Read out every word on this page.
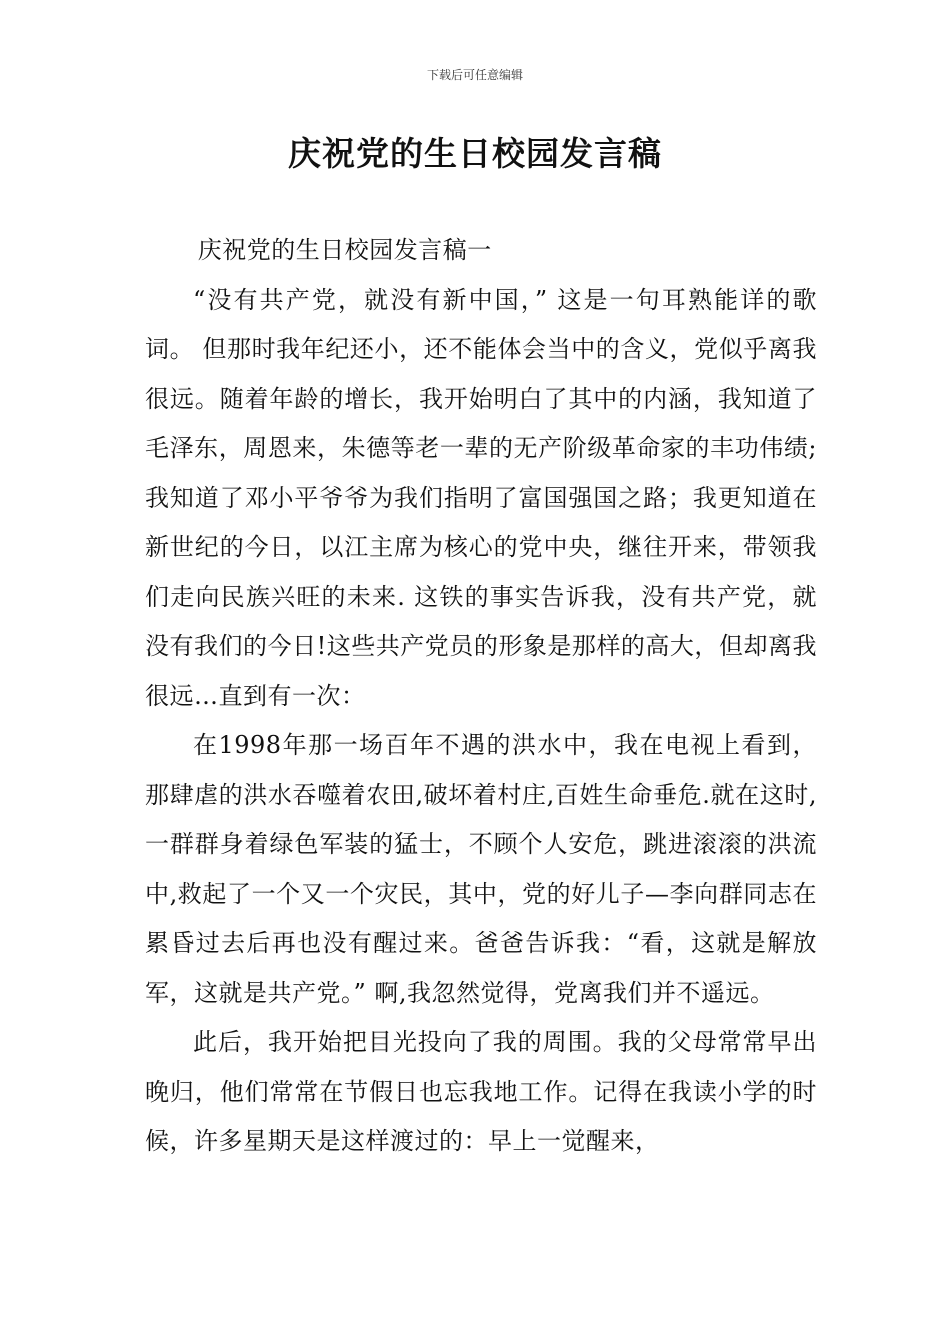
下载后可任意编辑
庆祝党的生日校园发言稿

庆祝党的生日校园发言稿一

“没有共产党，就没有新中国，” 这是一句耳熟能详的歌词。 但那时我年纪还小，还不能体会当中的含义，党似乎离我很远。随着年龄的增长，我开始明白了其中的内涵，我知道了毛泽东，周恩来，朱德等老一辈的无产阶级革命家的丰功伟绩;我知道了邓小平爷爷为我们指明了富国强国之路；我更知道在新世纪的今日，以江主席为核心的党中央，继往开来，带领我们走向民族兴旺的未来. 这铁的事实告诉我，没有共产党，就没有我们的今日!这些共产党员的形象是那样的高大，但却离我很远…直到有一次：

在1998年那一场百年不遇的洪水中，我在电视上看到，那肆虐的洪水吞噬着农田,破坏着村庄,百姓生命垂危.就在这时,一群群身着绿色军装的猛士，不顾个人安危，跳进滚滚的洪流中,救起了一个又一个灾民，其中，党的好儿子—李向群同志在累昏过去后再也没有醒过来。爸爸告诉我：“看，这就是解放军，这就是共产党。” 啊,我忽然觉得，党离我们并不遥远。

此后，我开始把目光投向了我的周围。我的父母常常早出晚归，他们常常在节假日也忘我地工作。记得在我读小学的时候，许多星期天是这样渡过的：早上一觉醒来，
